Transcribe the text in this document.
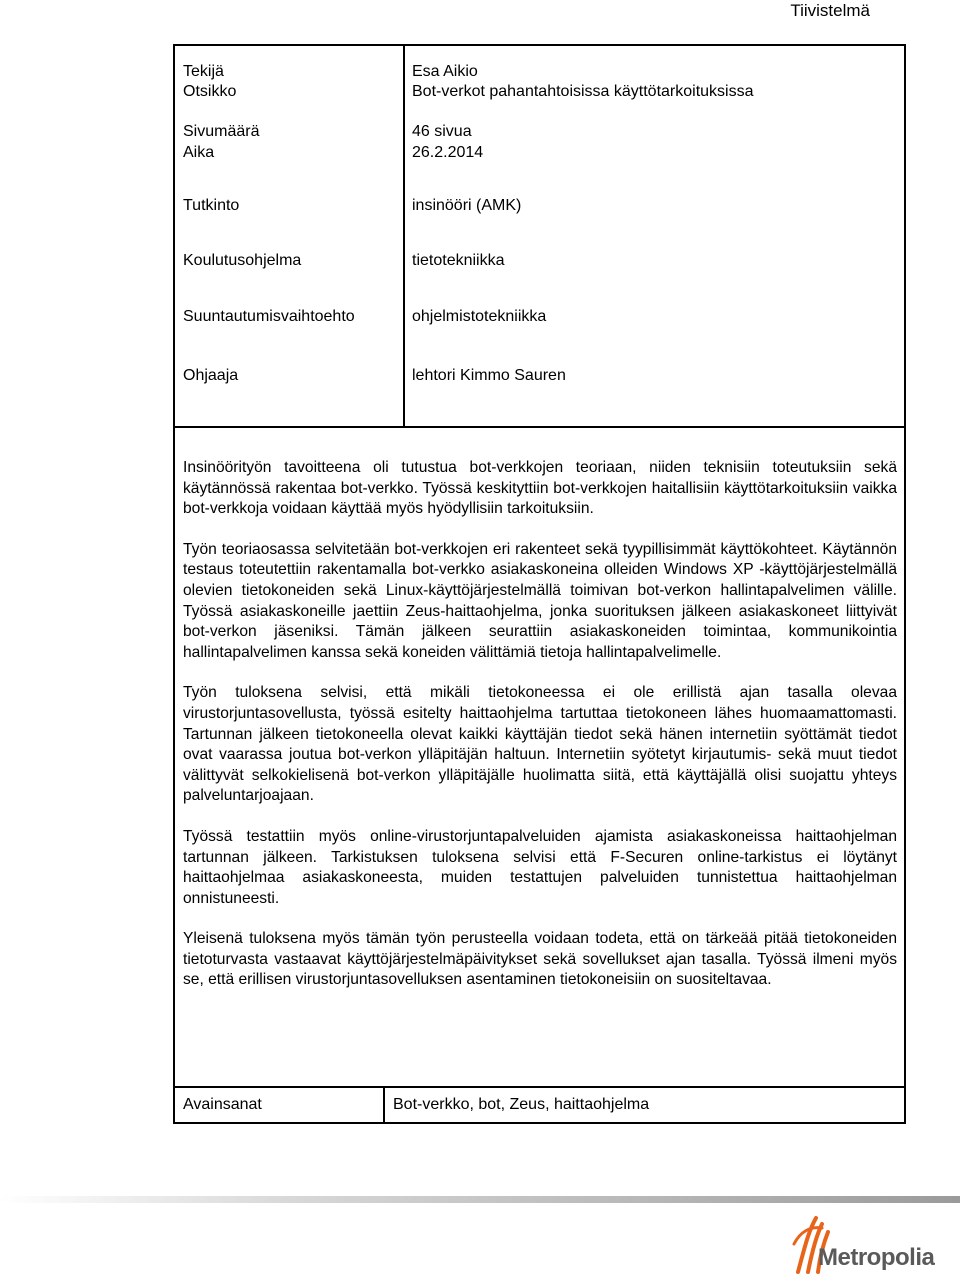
Tiivistelmä
Tekijä	Esa Aikio
Otsikko	Bot-verkot pahantahtoisissa käyttötarkoituksissa
Sivumäärä	46 sivua
Aika	26.2.2014
Tutkinto	insinööri (AMK)
Koulutusohjelma	tietotekniikka
Suuntautumisvaihtoehto	ohjelmistotekniikka
Ohjaaja	lehtori Kimmo Sauren

Insinöörityön tavoitteena oli tutustua bot-verkkojen teoriaan, niiden teknisiin toteutuksiin sekä käytännössä rakentaa bot-verkko. Työssä keskityttiin bot-verkkojen haitallisiin käyttötarkoituksiin vaikka bot-verkkoja voidaan käyttää myös hyödyllisiin tarkoituksiin.

Työn teoriaosassa selvitetään bot-verkkojen eri rakenteet sekä tyypillisimmät käyttökohteet. Käytännön testaus toteutettiin rakentamalla bot-verkko asiakaskoneina olleiden Windows XP -käyttöjärjestelmällä olevien tietokoneiden sekä Linux-käyttöjärjestelmällä toimivan bot-verkon hallintapalvelimen välille. Työssä asiakaskoneille jaettiin Zeus-haittaohjelma, jonka suorituksen jälkeen asiakaskoneet liittyivät bot-verkon jäseniksi. Tämän jälkeen seurattiin asiakaskoneiden toimintaa, kommunikointia hallintapalvelimen kanssa sekä koneiden välittämiä tietoja hallintapalvelimelle.

Työn tuloksena selvisi, että mikäli tietokoneessa ei ole erillistä ajan tasalla olevaa virustorjuntasovellusta, työssä esitelty haittaohjelma tartuttaa tietokoneen lähes huomaamattomasti. Tartunnan jälkeen tietokoneella olevat kaikki käyttäjän tiedot sekä hänen internetiin syöttämät tiedot ovat vaarassa joutua bot-verkon ylläpitäjän haltuun. Internetiin syötetyt kirjautumis- sekä muut tiedot välittyvät selkokielisenä bot-verkon ylläpitäjälle huolimatta siitä, että käyttäjällä olisi suojattu yhteys palveluntarjoajaan.

Työssä testattiin myös online-virustorjuntapalveluiden ajamista asiakaskoneissa haittaohjelman tartunnan jälkeen. Tarkistuksen tuloksena selvisi että F-Securen online-tarkistus ei löytänyt haittaohjelmaa asiakaskoneesta, muiden testattujen palveluiden tunnistettua haittaohjelman onnistuneesti.

Yleisenä tuloksena myös tämän työn perusteella voidaan todeta, että on tärkeää pitää tietokoneiden tietoturvasta vastaavat käyttöjärjestelmäpäivitykset sekä sovellukset ajan tasalla. Työssä ilmeni myös se, että erillisen virustorjuntasovelluksen asentaminen tietokoneisiin on suositeltavaa.

Avainsanat	Bot-verkko, bot, Zeus, haittaohjelma
Metropolia
